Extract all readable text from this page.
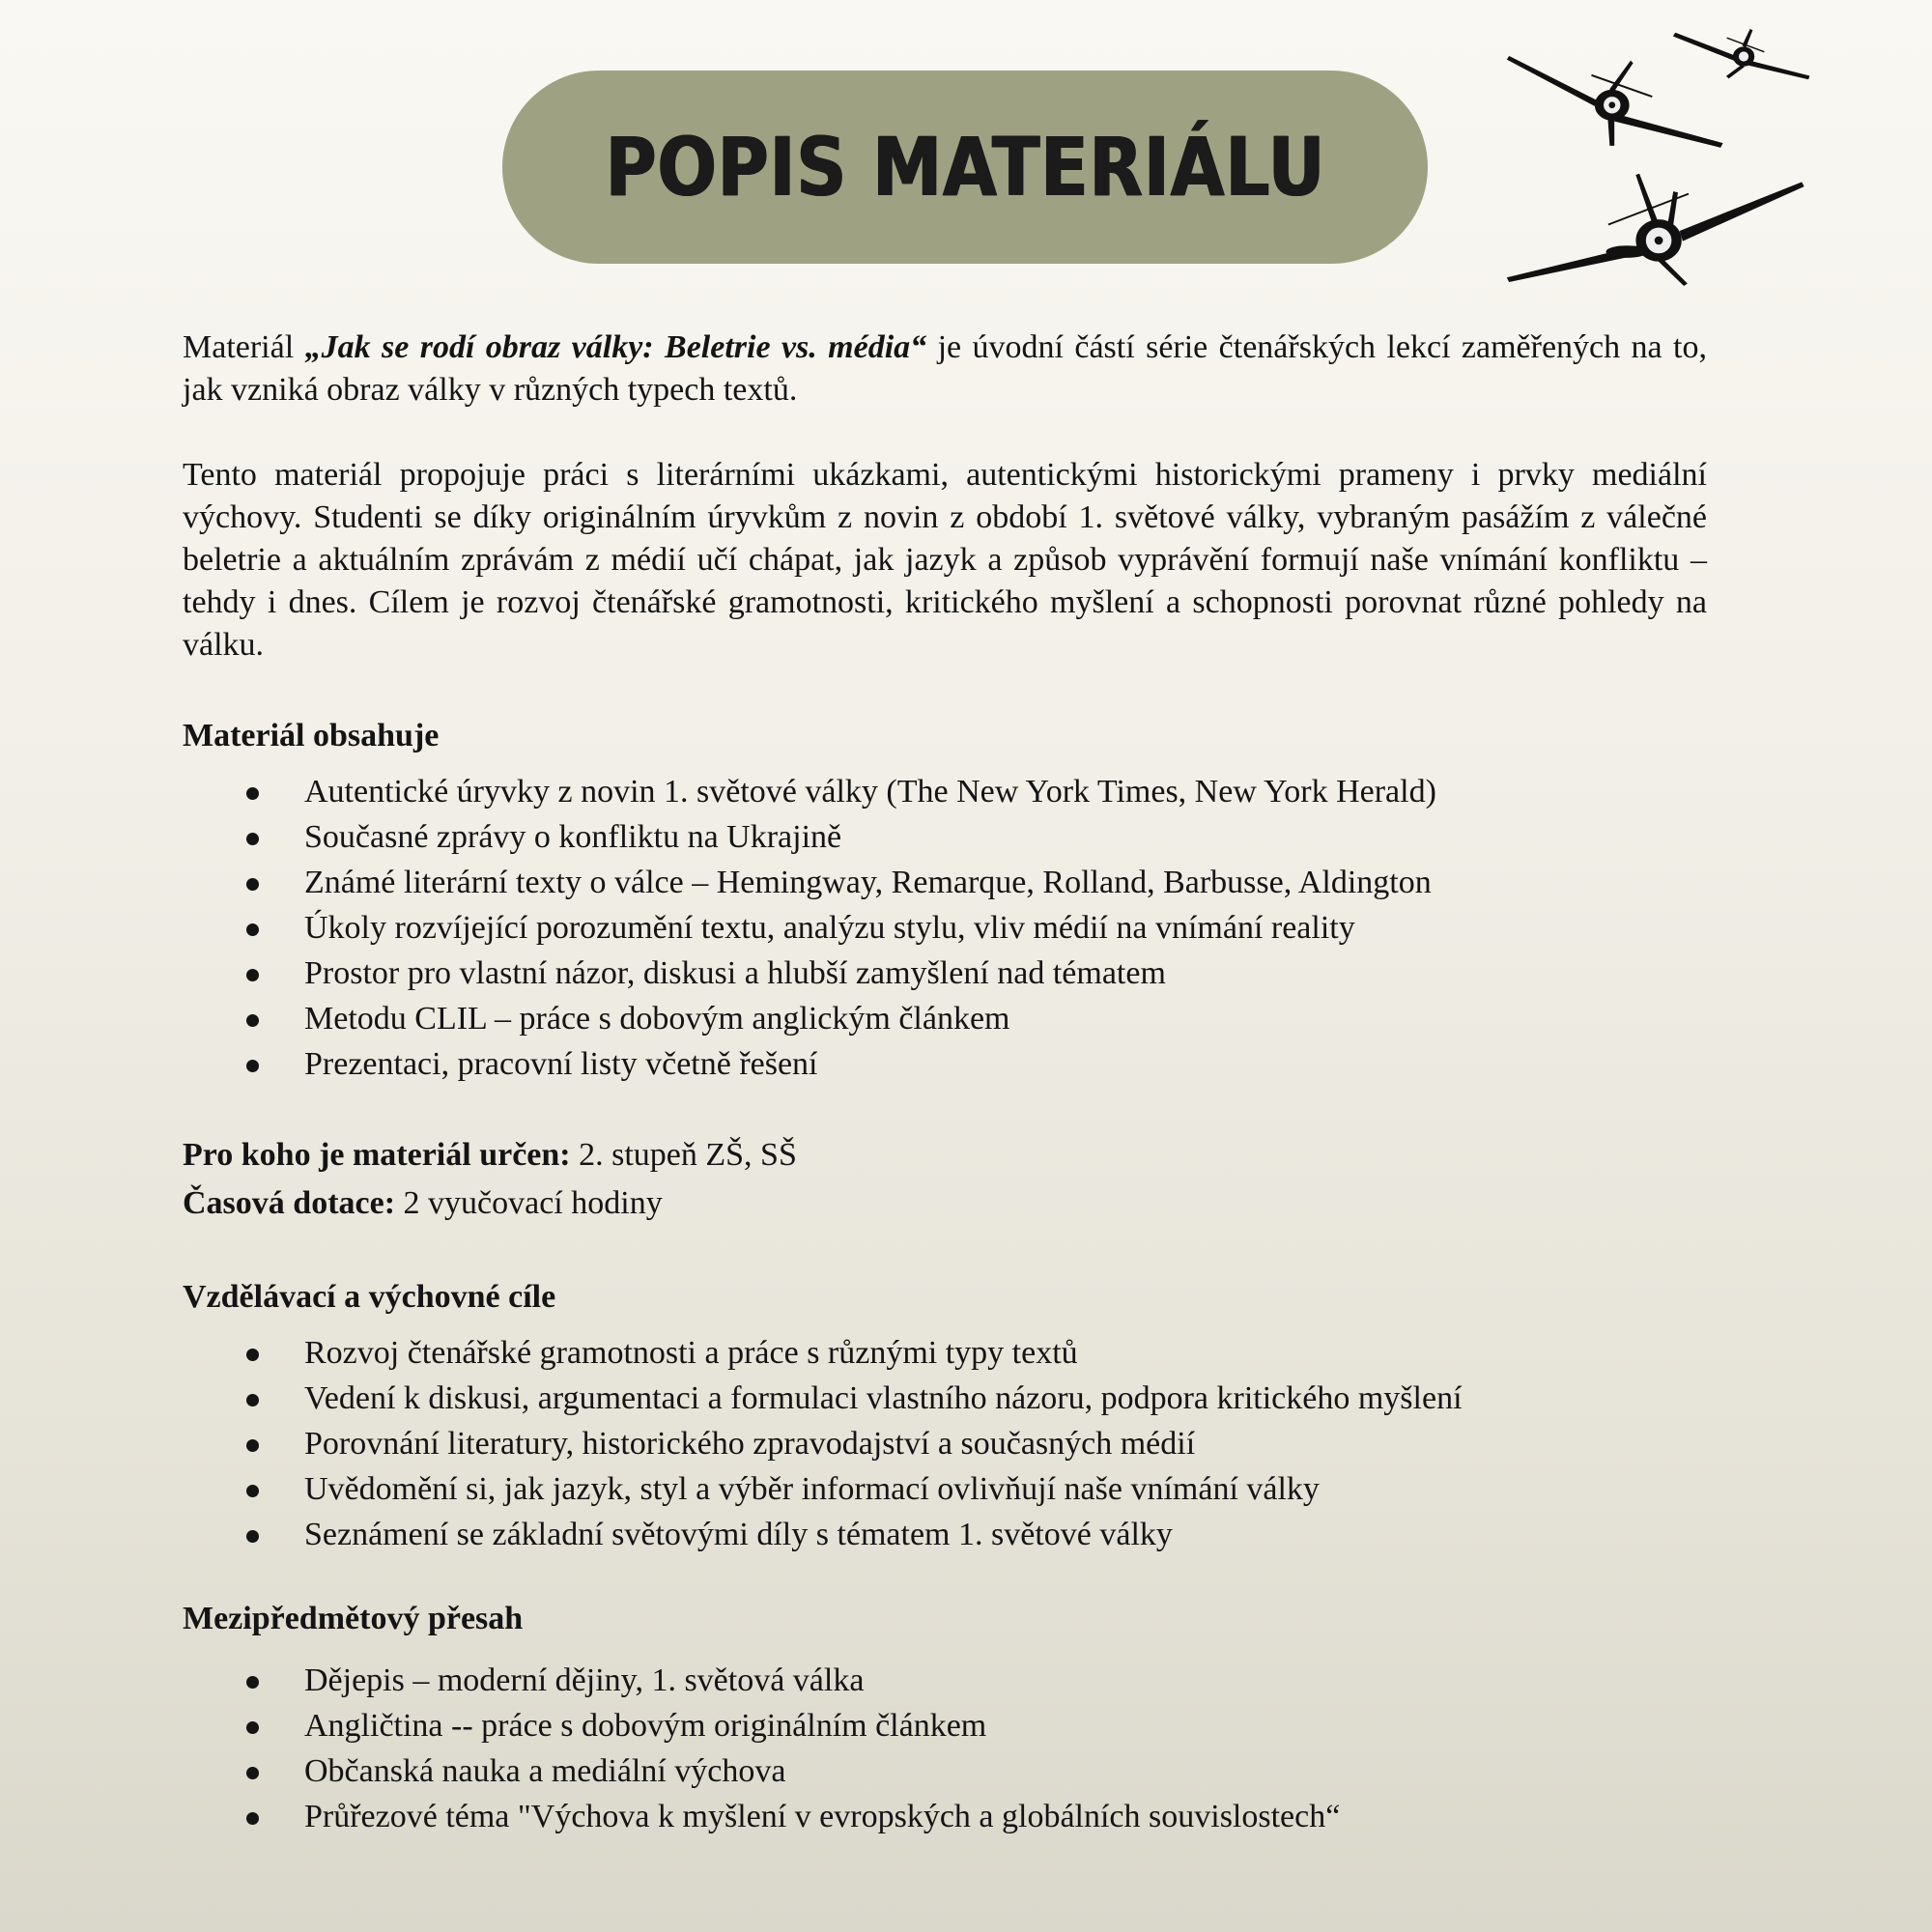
POPIS MATERIÁLU

Materiál „Jak se rodí obraz války: Beletrie vs. média“ je úvodní částí série čtenářských lekcí zaměřených na to, jak vzniká obraz války v různých typech textů.

Tento materiál propojuje práci s literárními ukázkami, autentickými historickými prameny i prvky mediální výchovy. Studenti se díky originálním úryvkům z novin z období 1. světové války, vybraným pasážím z válečné beletrie a aktuálním zprávám z médií učí chápat, jak jazyk a způsob vyprávění formují naše vnímání konfliktu – tehdy i dnes. Cílem je rozvoj čtenářské gramotnosti, kritického myšlení a schopnosti porovnat různé pohledy na válku.

Materiál obsahuje

Autentické úryvky z novin 1. světové války (The New York Times, New York Herald)
Současné zprávy o konfliktu na Ukrajině
Známé literární texty o válce – Hemingway, Remarque, Rolland, Barbusse, Aldington
Úkoly rozvíjející porozumění textu, analýzu stylu, vliv médií na vnímání reality
Prostor pro vlastní názor, diskusi a hlubší zamyšlení nad tématem
Metodu CLIL – práce s dobovým anglickým článkem
Prezentaci, pracovní listy včetně řešení
Pro koho je materiál určen: 2. stupeň ZŠ, SŠ
Časová dotace: 2 vyučovací hodiny

Vzdělávací a výchovné cíle

Rozvoj čtenářské gramotnosti a práce s různými typy textů
Vedení k diskusi, argumentaci a formulaci vlastního názoru, podpora kritického myšlení
Porovnání literatury, historického zpravodajství a současných médií
Uvědomění si, jak jazyk, styl a výběr informací ovlivňují naše vnímání války
Seznámení se základní světovými díly s tématem 1. světové války

Mezipředmětový přesah

Dějepis – moderní dějiny, 1. světová válka
Angličtina -- práce s dobovým originálním článkem
Občanská nauka a mediální výchova
Průřezové téma "Výchova k myšlení v evropských a globálních souvislostech“
